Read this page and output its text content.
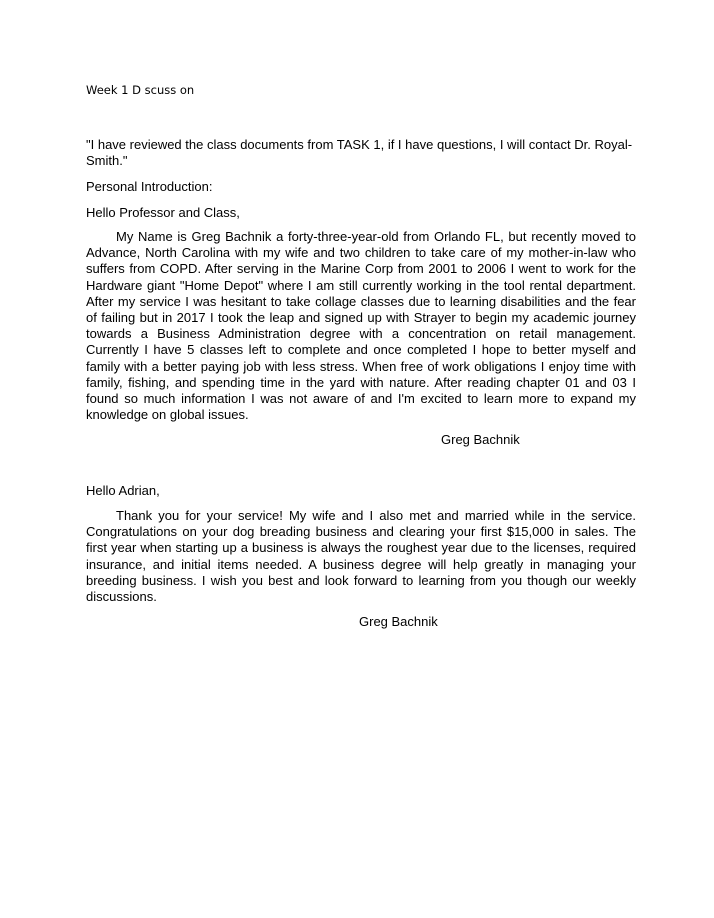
Week 1 D scuss on

"I have reviewed the class documents from TASK 1, if I have questions, I will contact Dr. Royal-Smith."

Personal Introduction:

Hello Professor and Class,

My Name is Greg Bachnik a forty-three-year-old from Orlando FL, but recently moved to Advance, North Carolina with my wife and two children to take care of my mother-in-law who suffers from COPD. After serving in the Marine Corp from 2001 to 2006 I went to work for the Hardware giant "Home Depot" where I am still currently working in the tool rental department. After my service I was hesitant to take collage classes due to learning disabilities and the fear of failing but in 2017 I took the leap and signed up with Strayer to begin my academic journey towards a Business Administration degree with a concentration on retail management. Currently I have 5 classes left to complete and once completed I hope to better myself and family with a better paying job with less stress. When free of work obligations I enjoy time with family, fishing, and spending time in the yard with nature. After reading chapter 01 and 03 I found so much information I was not aware of and I'm excited to learn more to expand my knowledge on global issues.

Greg Bachnik

Hello Adrian,

Thank you for your service! My wife and I also met and married while in the service. Congratulations on your dog breading business and clearing your first $15,000 in sales. The first year when starting up a business is always the roughest year due to the licenses, required insurance, and initial items needed. A business degree will help greatly in managing your breeding business. I wish you best and look forward to learning from you though our weekly discussions.

Greg Bachnik
